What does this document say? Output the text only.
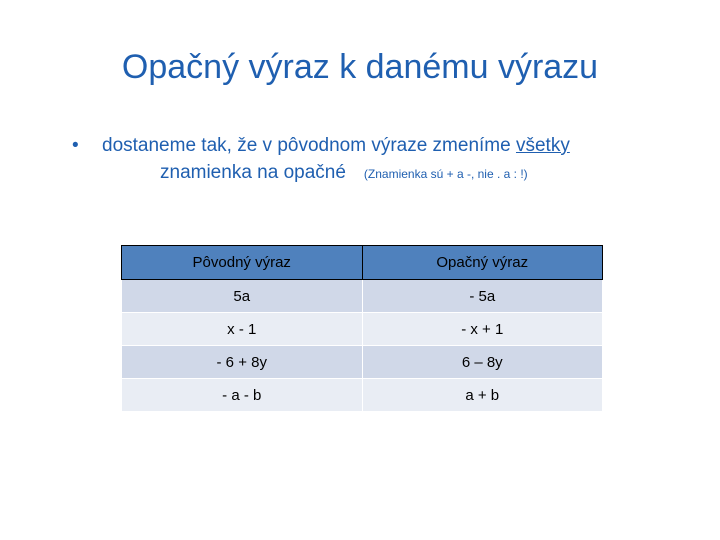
Opačný výraz k danému výrazu
• dostaneme tak, že v pôvodnom výraze zmeníme všetky
znamienka na opačné (Znamienka sú + a -, nie . a : !)
Pôvodný výraz	Opačný výraz
5a	- 5a
x - 1	- x + 1
- 6 + 8y	6 – 8y
- a - b	a + b
